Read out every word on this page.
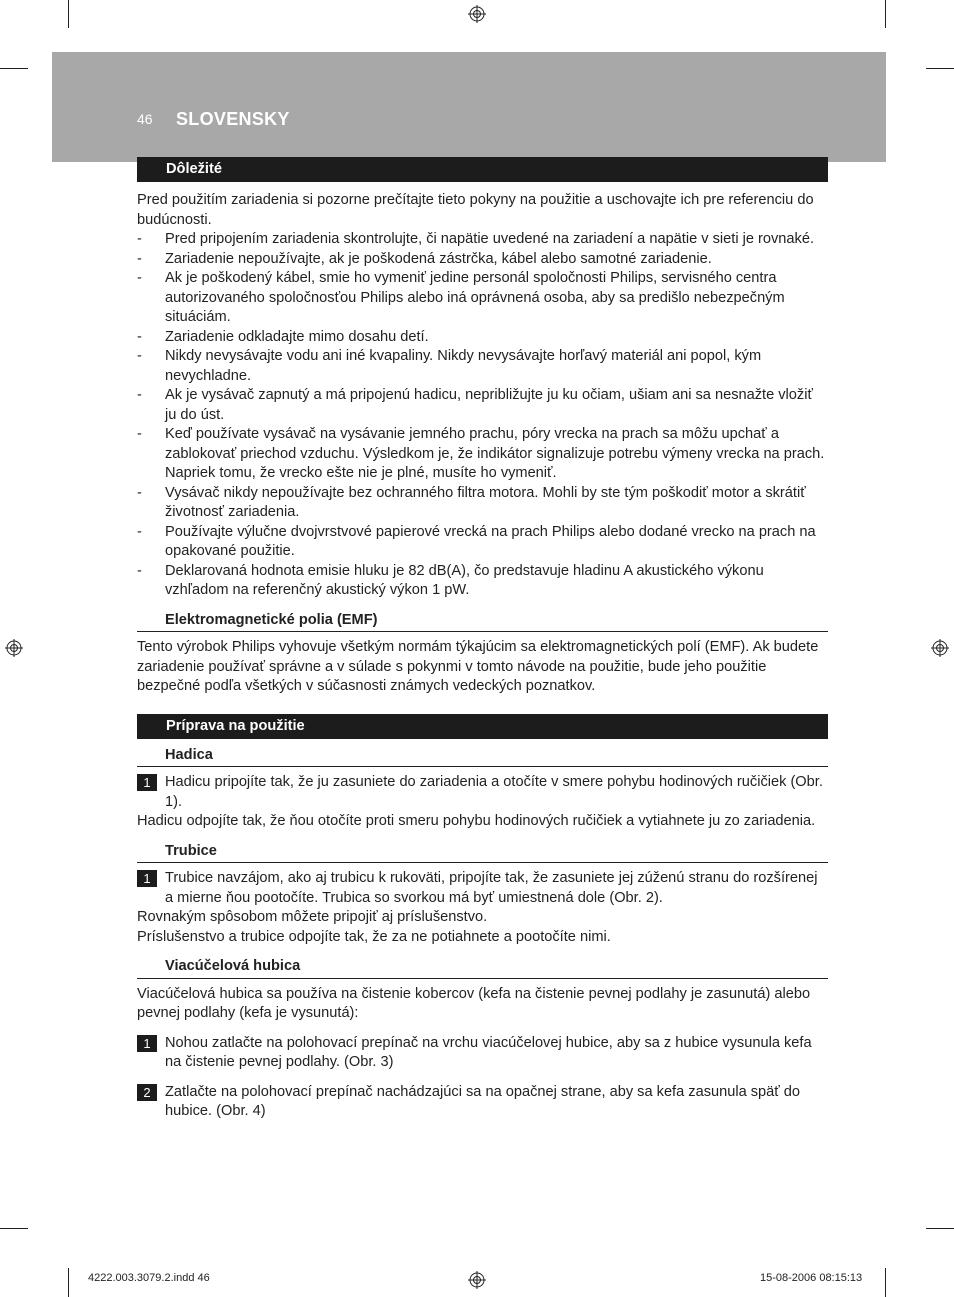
46 SLOVENSKY
Dôležité

Pred použitím zariadenia si pozorne prečítajte tieto pokyny na použitie a uschovajte ich pre referenciu do budúcnosti.

- Pred pripojením zariadenia skontrolujte, či napätie uvedené na zariadení a napätie v sieti je rovnaké.
- Zariadenie nepoužívajte, ak je poškodená zástrčka, kábel alebo samotné zariadenie.
- Ak je poškodený kábel, smie ho vymeniť jedine personál spoločnosti Philips, servisného centra autorizovaného spoločnosťou Philips alebo iná oprávnená osoba, aby sa predišlo nebezpečným situáciám.
- Zariadenie odkladajte mimo dosahu detí.
- Nikdy nevysávajte vodu ani iné kvapaliny. Nikdy nevysávajte horľavý materiál ani popol, kým nevychladne.
- Ak je vysávač zapnutý a má pripojenú hadicu, nepribližujte ju ku očiam, ušiam ani sa nesnažte vložiť ju do úst.
- Keď používate vysávač na vysávanie jemného prachu, póry vrecka na prach sa môžu upchať a zablokovať priechod vzduchu. Výsledkom je, že indikátor signalizuje potrebu výmeny vrecka na prach. Napriek tomu, že vrecko ešte nie je plné, musíte ho vymeniť.
- Vysávač nikdy nepoužívajte bez ochranného filtra motora. Mohli by ste tým poškodiť motor a skrátiť životnosť zariadenia.
- Používajte výlučne dvojvrstvové papierové vrecká na prach Philips alebo dodané vrecko na prach na opakované použitie.
- Deklarovaná hodnota emisie hluku je 82 dB(A), čo predstavuje hladinu A akustického výkonu vzhľadom na referenčný akustický výkon 1 pW.
Elektromagnetické polia (EMF)

Tento výrobok Philips vyhovuje všetkým normám týkajúcim sa elektromagnetických polí (EMF). Ak budete zariadenie používať správne a v súlade s pokynmi v tomto návode na použitie, bude jeho použitie bezpečné podľa všetkých v súčasnosti známych vedeckých poznatkov.

Príprava na použitie
Hadica
1 Hadicu pripojíte tak, že ju zasuniete do zariadenia a otočíte v smere pohybu hodinových ručičiek (Obr. 1).

Hadicu odpojíte tak, že ňou otočíte proti smeru pohybu hodinových ručičiek a vytiahnete ju zo zariadenia.

Trubice
1 Trubice navzájom, ako aj trubicu k rukoväti, pripojíte tak, že zasuniete jej zúženú stranu do rozšírenej a mierne ňou pootočíte. Trubica so svorkou má byť umiestnená dole (Obr. 2).

Rovnakým spôsobom môžete pripojiť aj príslušenstvo.

Príslušenstvo a trubice odpojíte tak, že za ne potiahnete a pootočíte nimi.

Viacúčelová hubica

Viacúčelová hubica sa používa na čistenie kobercov (kefa na čistenie pevnej podlahy je zasunutá) alebo pevnej podlahy (kefa je vysunutá):

1 Nohou zatlačte na polohovací prepínač na vrchu viacúčelovej hubice, aby sa z hubice vysunula kefa na čistenie pevnej podlahy. (Obr. 3)
2 Zatlačte na polohovací prepínač nachádzajúci sa na opačnej strane, aby sa kefa zasunula späť do hubice. (Obr. 4)
4222.003.3079.2.indd 46	15-08-2006 08:15:13
